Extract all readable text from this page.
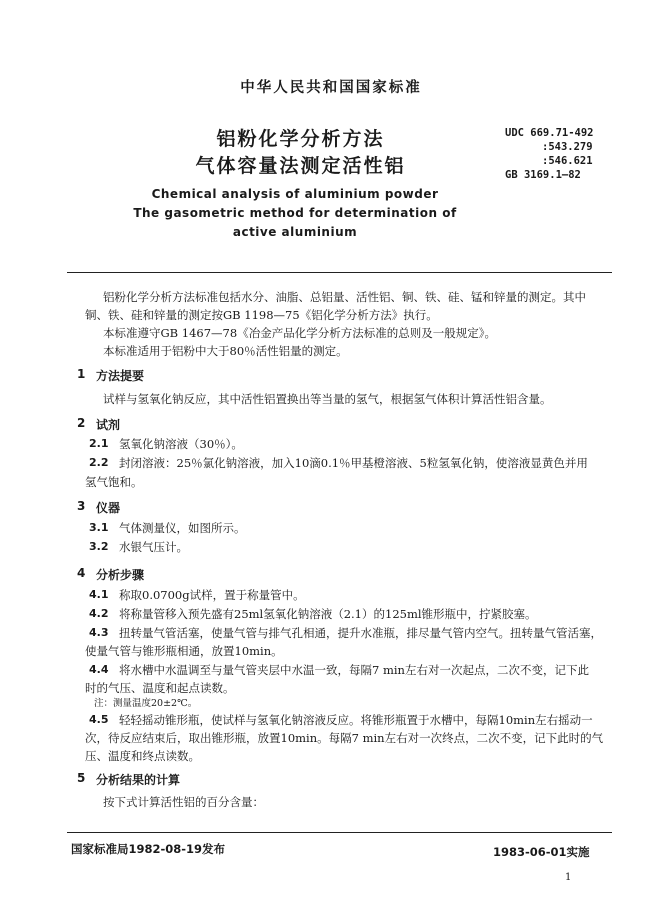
中华人民共和国国家标准
铝粉化学分析方法
气体容量法测定活性铝
Chemical analysis of aluminium powder
The gasometric method for determination of
active aluminium
UDC 669.71-492
:543.279
:546.621
GB 3169.1—82
铝粉化学分析方法标准包括水分、油脂、总铝量、活性铝、铜、铁、硅、锰和锌量的测定。其中
铜、铁、硅和锌量的测定按GB 1198—75《铝化学分析方法》执行。
本标准遵守GB 1467—78《冶金产品化学分析方法标准的总则及一般规定》。
本标准适用于铝粉中大于80％活性铝量的测定。
1 方法提要
试样与氢氧化钠反应，其中活性铝置换出等当量的氢气，根据氢气体积计算活性铝含量。
2 试剂
2.1 氢氧化钠溶液（30％）。
2.2 封闭溶液：25％氯化钠溶液，加入10滴0.1％甲基橙溶液、5粒氢氧化钠，使溶液显黄色并用
氢气饱和。
3 仪器
3.1 气体测量仪，如图所示。
3.2 水银气压计。
4 分析步骤
4.1 称取0.0700g试样，置于称量管中。
4.2 将称量管移入预先盛有25ml氢氧化钠溶液（2.1）的125ml锥形瓶中，拧紧胶塞。
4.3 扭转量气管活塞，使量气管与排气孔相通，提升水准瓶，排尽量气管内空气。扭转量气管活塞，
使量气管与锥形瓶相通，放置10min。
4.4 将水槽中水温调至与量气管夹层中水温一致，每隔7 min左右对一次起点，二次不变，记下此
时的气压、温度和起点读数。
注：测量温度20±2℃。
4.5 轻轻摇动锥形瓶，使试样与氢氧化钠溶液反应。将锥形瓶置于水槽中，每隔10min左右摇动一
次，待反应结束后，取出锥形瓶，放置10min。每隔7 min左右对一次终点，二次不变，记下此时的气
压、温度和终点读数。
5 分析结果的计算
按下式计算活性铝的百分含量：
国家标准局1982-08-19发布	1983-06-01实施
1
